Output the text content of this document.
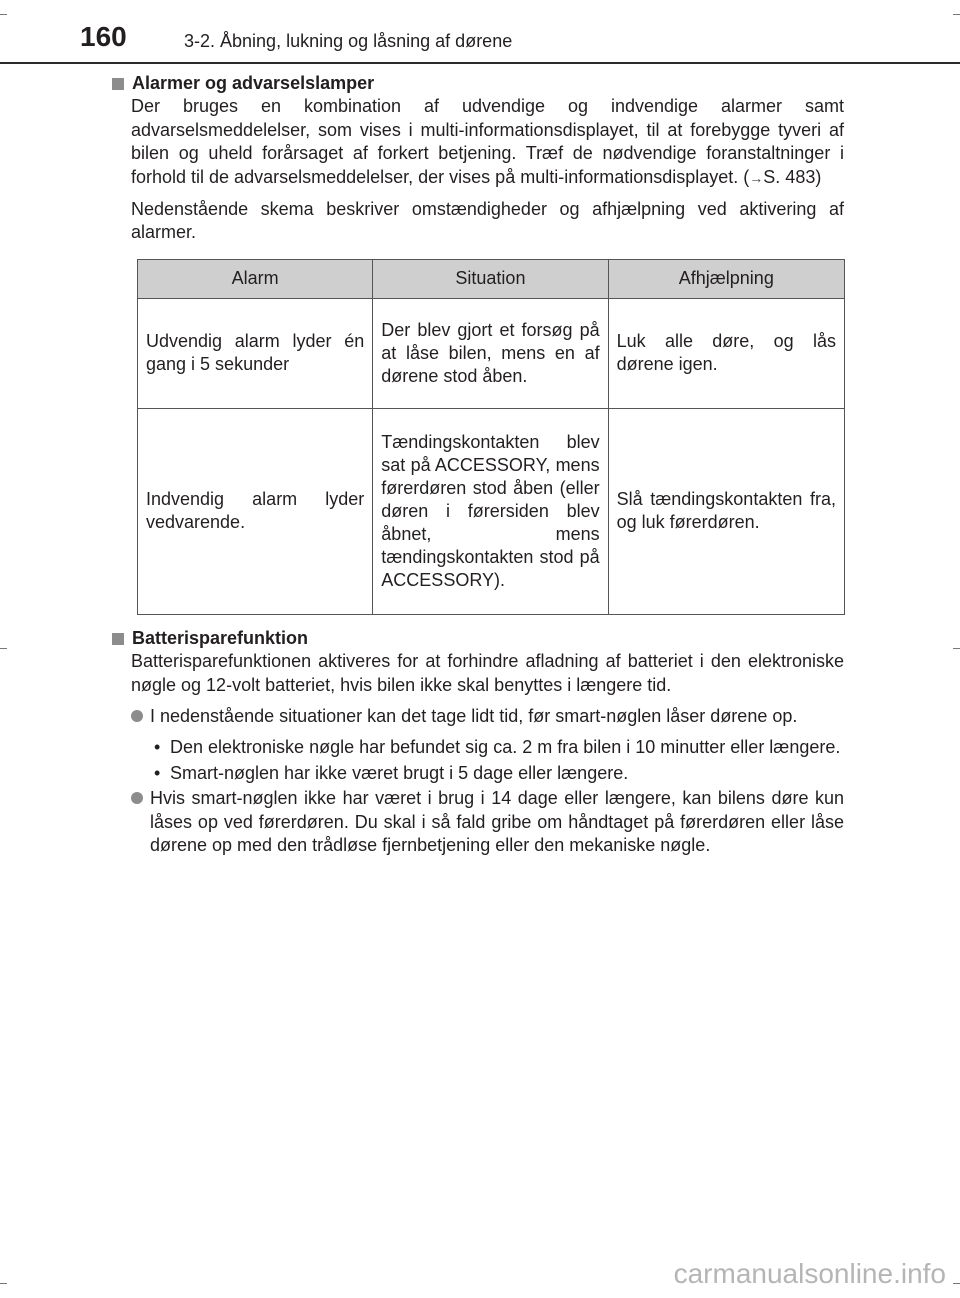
160	3-2. Åbning, lukning og låsning af dørene
Alarmer og advarselslamper
Der bruges en kombination af udvendige og indvendige alarmer samt advarselsmeddelelser, som vises i multi-informationsdisplayet, til at forebygge tyveri af bilen og uheld forårsaget af forkert betjening. Træf de nødvendige foranstaltninger i forhold til de advarselsmeddelelser, der vises på multi-informationsdisplayet. (→S. 483)
Nedenstående skema beskriver omstændigheder og afhjælpning ved aktivering af alarmer.
Alarm	Situation	Afhjælpning
Udvendig alarm lyder én gang i 5 sekunder	Der blev gjort et forsøg på at låse bilen, mens en af dørene stod åben.	Luk alle døre, og lås dørene igen.
Indvendig alarm lyder vedvarende.	Tændingskontakten blev sat på ACCESSORY, mens førerdøren stod åben (eller døren i førersiden blev åbnet, mens tændingskontakten stod på ACCESSORY).	Slå tændingskontakten fra, og luk førerdøren.
Batterisparefunktion
Batterisparefunktionen aktiveres for at forhindre afladning af batteriet i den elektroniske nøgle og 12-volt batteriet, hvis bilen ikke skal benyttes i længere tid.
I nedenstående situationer kan det tage lidt tid, før smart-nøglen låser dørene op.
• Den elektroniske nøgle har befundet sig ca. 2 m fra bilen i 10 minutter eller længere.
• Smart-nøglen har ikke været brugt i 5 dage eller længere.
Hvis smart-nøglen ikke har været i brug i 14 dage eller længere, kan bilens døre kun låses op ved førerdøren. Du skal i så fald gribe om håndtaget på førerdøren eller låse dørene op med den trådløse fjernbetjening eller den mekaniske nøgle.
carmanualsonline.info
